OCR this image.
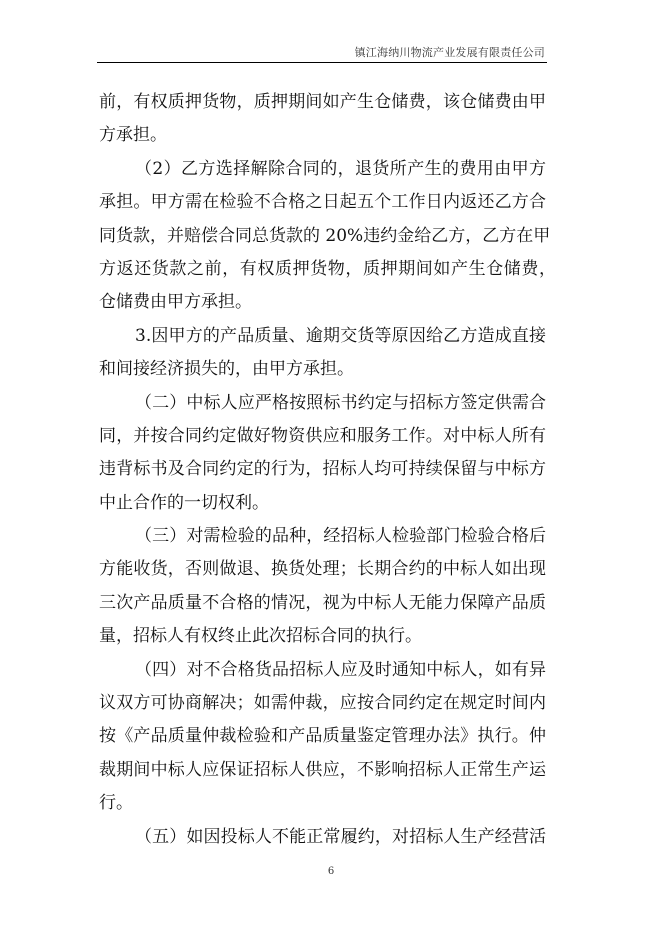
镇江海纳川物流产业发展有限责任公司
前，有权质押货物，质押期间如产生仓储费，该仓储费由甲
方承担。
（2）乙方选择解除合同的，退货所产生的费用由甲方
承担。甲方需在检验不合格之日起五个工作日内返还乙方合
同货款，并赔偿合同总货款的 20%违约金给乙方，乙方在甲
方返还货款之前，有权质押货物，质押期间如产生仓储费，
仓储费由甲方承担。
3.因甲方的产品质量、逾期交货等原因给乙方造成直接
和间接经济损失的，由甲方承担。
（二）中标人应严格按照标书约定与招标方签定供需合
同，并按合同约定做好物资供应和服务工作。对中标人所有
违背标书及合同约定的行为，招标人均可持续保留与中标方
中止合作的一切权利。
（三）对需检验的品种，经招标人检验部门检验合格后
方能收货，否则做退、换货处理；长期合约的中标人如出现
三次产品质量不合格的情况，视为中标人无能力保障产品质
量，招标人有权终止此次招标合同的执行。
（四）对不合格货品招标人应及时通知中标人，如有异
议双方可协商解决；如需仲裁，应按合同约定在规定时间内
按《产品质量仲裁检验和产品质量鉴定管理办法》执行。仲
裁期间中标人应保证招标人供应，不影响招标人正常生产运
行。
（五）如因投标人不能正常履约，对招标人生产经营活
6
